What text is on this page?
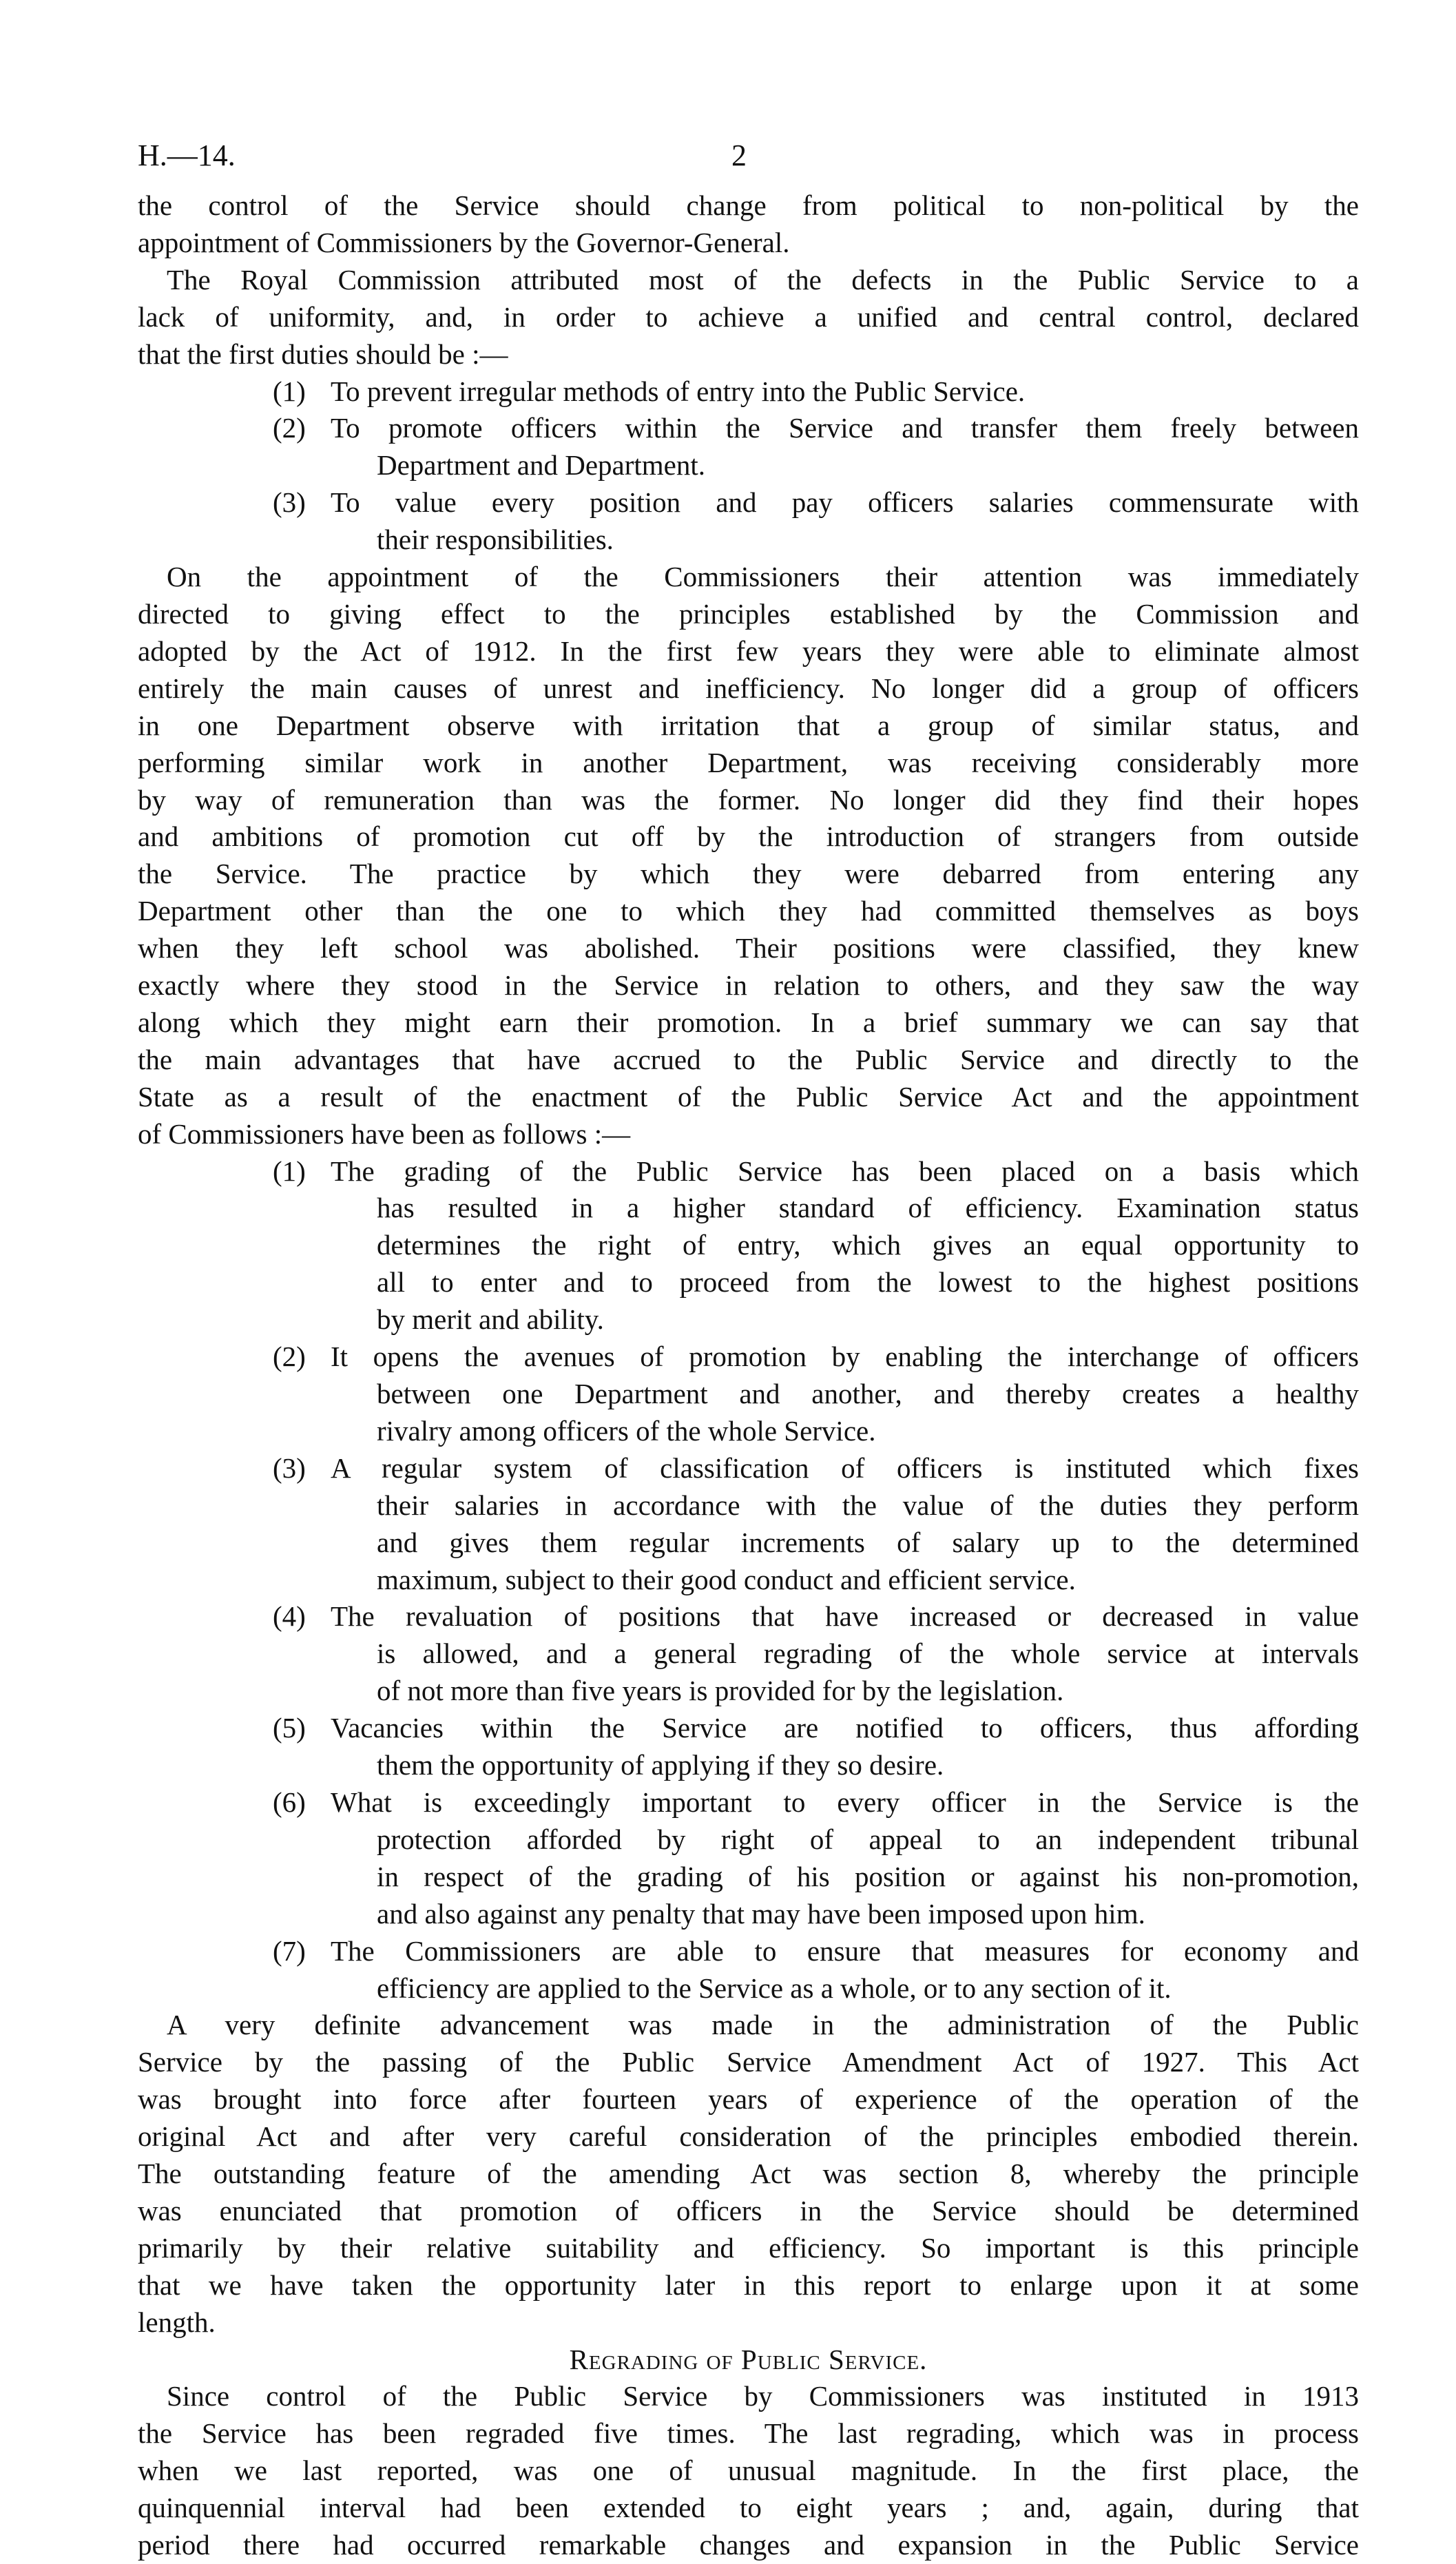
H.—14.	2
the control of the Service should change from political to non-political by the
appointment of Commissioners by the Governor-General.
The Royal Commission attributed most of the defects in the Public Service to a
lack of uniformity, and, in order to achieve a unified and central control, declared
that the first duties should be :—
(1) To prevent irregular methods of entry into the Public Service.
(2) To promote officers within the Service and transfer them freely between
Department and Department.
(3) To value every position and pay officers salaries commensurate with
their responsibilities.
On the appointment of the Commissioners their attention was immediately
directed to giving effect to the principles established by the Commission and
adopted by the Act of 1912. In the first few years they were able to eliminate almost
entirely the main causes of unrest and inefficiency. No longer did a group of officers
in one Department observe with irritation that a group of similar status, and
performing similar work in another Department, was receiving considerably more
by way of remuneration than was the former. No longer did they find their hopes
and ambitions of promotion cut off by the introduction of strangers from outside
the Service. The practice by which they were debarred from entering any
Department other than the one to which they had committed themselves as boys
when they left school was abolished. Their positions were classified, they knew
exactly where they stood in the Service in relation to others, and they saw the way
along which they might earn their promotion. In a brief summary we can say that
the main advantages that have accrued to the Public Service and directly to the
State as a result of the enactment of the Public Service Act and the appointment
of Commissioners have been as follows :—
(1) The grading of the Public Service has been placed on a basis which
has resulted in a higher standard of efficiency. Examination status
determines the right of entry, which gives an equal opportunity to
all to enter and to proceed from the lowest to the highest positions
by merit and ability.
(2) It opens the avenues of promotion by enabling the interchange of officers
between one Department and another, and thereby creates a healthy
rivalry among officers of the whole Service.
(3) A regular system of classification of officers is instituted which fixes
their salaries in accordance with the value of the duties they perform
and gives them regular increments of salary up to the determined
maximum, subject to their good conduct and efficient service.
(4) The revaluation of positions that have increased or decreased in value
is allowed, and a general regrading of the whole service at intervals
of not more than five years is provided for by the legislation.
(5) Vacancies within the Service are notified to officers, thus affording
them the opportunity of applying if they so desire.
(6) What is exceedingly important to every officer in the Service is the
protection afforded by right of appeal to an independent tribunal
in respect of the grading of his position or against his non-promotion,
and also against any penalty that may have been imposed upon him.
(7) The Commissioners are able to ensure that measures for economy and
efficiency are applied to the Service as a whole, or to any section of it.
A very definite advancement was made in the administration of the Public
Service by the passing of the Public Service Amendment Act of 1927. This Act
was brought into force after fourteen years of experience of the operation of the
original Act and after very careful consideration of the principles embodied therein.
The outstanding feature of the amending Act was section 8, whereby the principle
was enunciated that promotion of officers in the Service should be determined
primarily by their relative suitability and efficiency. So important is this principle
that we have taken the opportunity later in this report to enlarge upon it at some
length.
Regrading of Public Service.
Since control of the Public Service by Commissioners was instituted in 1913
the Service has been regraded five times. The last regrading, which was in process
when we last reported, was one of unusual magnitude. In the first place, the
quinquennial interval had been extended to eight years ; and, again, during that
period there had occurred remarkable changes and expansion in the Public Service
